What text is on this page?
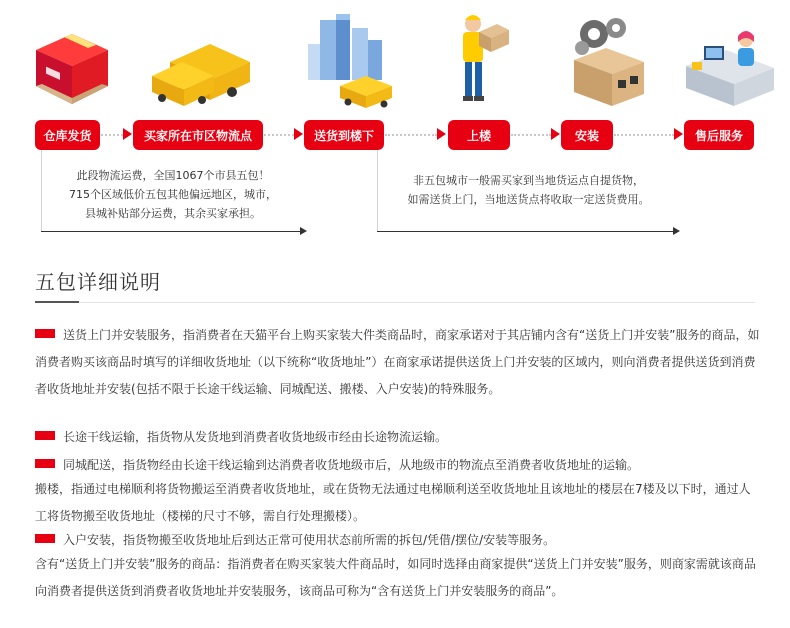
仓库发货	买家所在市区物流点	送货到楼下	上楼	安装	售后服务
此段物流运费，全国1067个市县五包！
715个区域低价五包其他偏远地区，城市，
县城补贴部分运费，其余买家承担。
非五包城市一般需买家到当地货运点自提货物，
如需送货上门，当地送货点将收取一定送货费用。
五包详细说明
送货上门并安装服务，指消费者在天猫平台上购买家装大件类商品时，商家承诺对于其店铺内含有“送货上门并安装”服务的商品，如消费者购买该商品时填写的详细收货地址（以下统称“收货地址”）在商家承诺提供送货上门并安装的区域内，则向消费者提供送货到消费者收货地址并安装(包括不限于长途干线运输、同城配送、搬楼、入户安装)的特殊服务。
长途干线运输，指货物从发货地到消费者收货地级市经由长途物流运输。
同城配送，指货物经由长途干线运输到达消费者收货地级市后，从地级市的物流点至消费者收货地址的运输。
搬楼，指通过电梯顺利将货物搬运至消费者收货地址，或在货物无法通过电梯顺利送至收货地址且该地址的楼层在7楼及以下时，通过人工将货物搬至收货地址（楼梯的尺寸不够，需自行处理搬楼）。
入户安装，指货物搬至收货地址后到达正常可使用状态前所需的拆包/凭借/摆位/安装等服务。
含有“送货上门并安装”服务的商品：指消费者在购买家装大件商品时，如同时选择由商家提供“送货上门并安装”服务，则商家需就该商品向消费者提供送货到消费者收货地址并安装服务，该商品可称为“含有送货上门并安装服务的商品”。
